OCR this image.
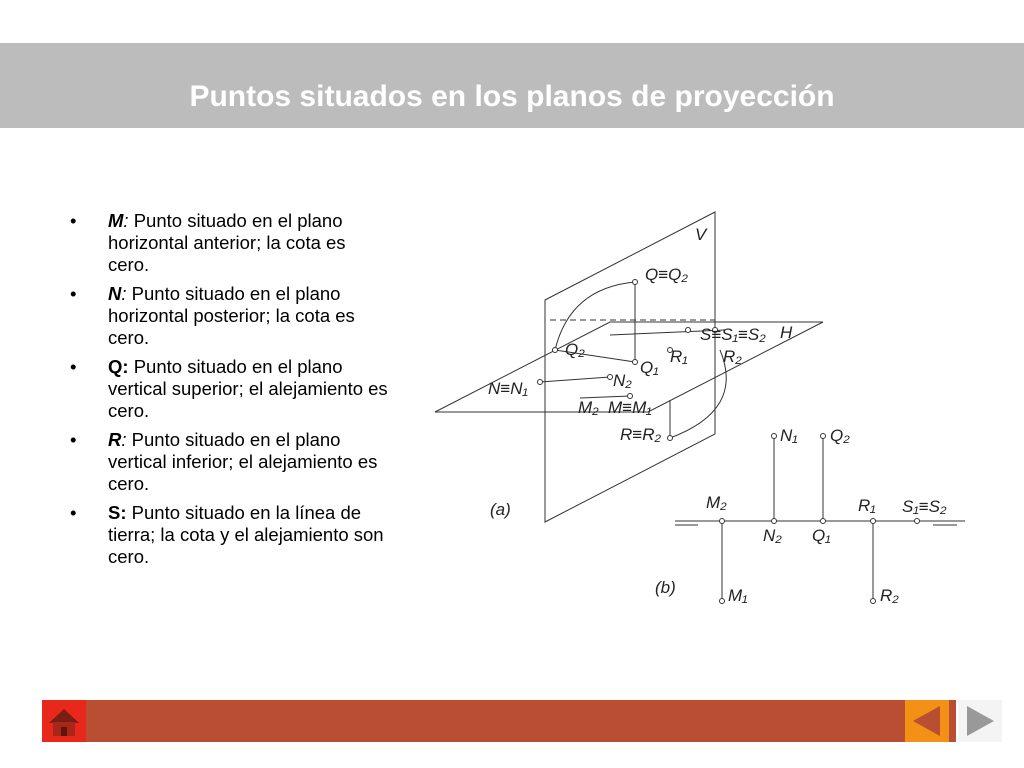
Puntos situados en los planos de proyección
• M: Punto situado en el plano horizontal anterior; la cota es cero.
• N: Punto situado en el plano horizontal posterior; la cota es cero.
• Q: Punto situado en el plano vertical superior; el alejamiento es cero.
• R: Punto situado en el plano vertical inferior; el alejamiento es cero.
• S: Punto situado en la línea de tierra; la cota y el alejamiento son cero.
V
H
Q≡Q₂
S≡S₁≡S₂
Q₂	R₁ R₂
Q₁
N≡N₁	N₂
M₂ M≡M₁
R≡R₂
(a)
N₁ Q₂
M₂	R₁ S₁≡S₂
N₂ Q₁
M₁	R₂
(b)
